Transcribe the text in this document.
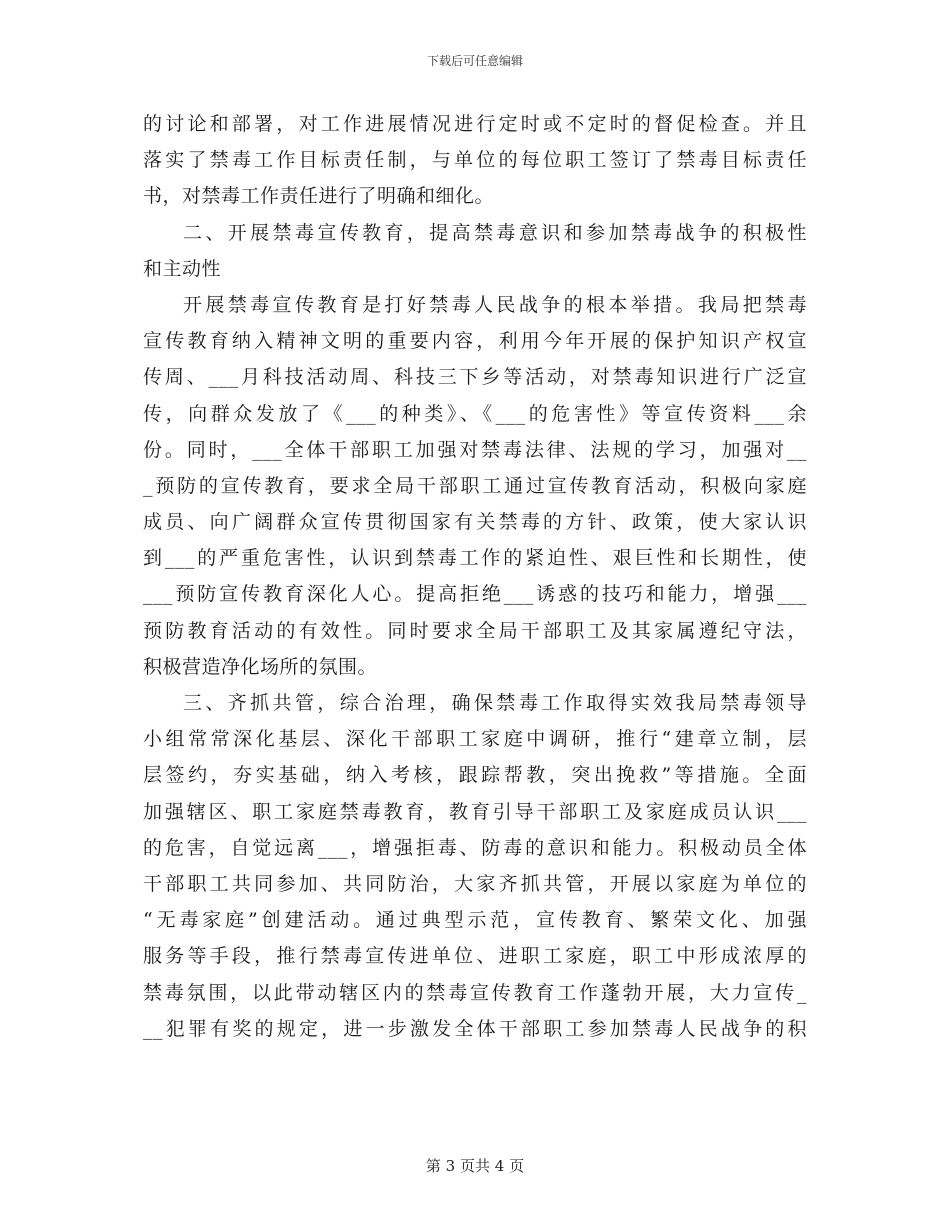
下载后可任意编辑
的讨论和部署，对工作进展情况进行定时或不定时的督促检查。并且
落实了禁毒工作目标责任制，与单位的每位职工签订了禁毒目标责任
书，对禁毒工作责任进行了明确和细化。
二、开展禁毒宣传教育，提高禁毒意识和参加禁毒战争的积极性
和主动性
开展禁毒宣传教育是打好禁毒人民战争的根本举措。我局把禁毒
宣传教育纳入精神文明的重要内容，利用今年开展的保护知识产权宣
传周、___月科技活动周、科技三下乡等活动，对禁毒知识进行广泛宣
传，向群众发放了《___的种类》、《___的危害性》等宣传资料___余
份。同时，___全体干部职工加强对禁毒法律、法规的学习，加强对__
_预防的宣传教育，要求全局干部职工通过宣传教育活动，积极向家庭
成员、向广阔群众宣传贯彻国家有关禁毒的方针、政策，使大家认识
到___的严重危害性，认识到禁毒工作的紧迫性、艰巨性和长期性，使
___预防宣传教育深化人心。提高拒绝___诱惑的技巧和能力，增强___
预防教育活动的有效性。同时要求全局干部职工及其家属遵纪守法，
积极营造净化场所的氛围。
三、齐抓共管，综合治理，确保禁毒工作取得实效我局禁毒领导
小组常常深化基层、深化干部职工家庭中调研，推行“建章立制，层
层签约，夯实基础，纳入考核，跟踪帮教，突出挽救”等措施。全面
加强辖区、职工家庭禁毒教育，教育引导干部职工及家庭成员认识___
的危害，自觉远离___，增强拒毒、防毒的意识和能力。积极动员全体
干部职工共同参加、共同防治，大家齐抓共管，开展以家庭为单位的
“无毒家庭”创建活动。通过典型示范，宣传教育、繁荣文化、加强
服务等手段，推行禁毒宣传进单位、进职工家庭，职工中形成浓厚的
禁毒氛围，以此带动辖区内的禁毒宣传教育工作蓬勃开展，大力宣传_
__犯罪有奖的规定，进一步激发全体干部职工参加禁毒人民战争的积
第 3 页共 4 页
